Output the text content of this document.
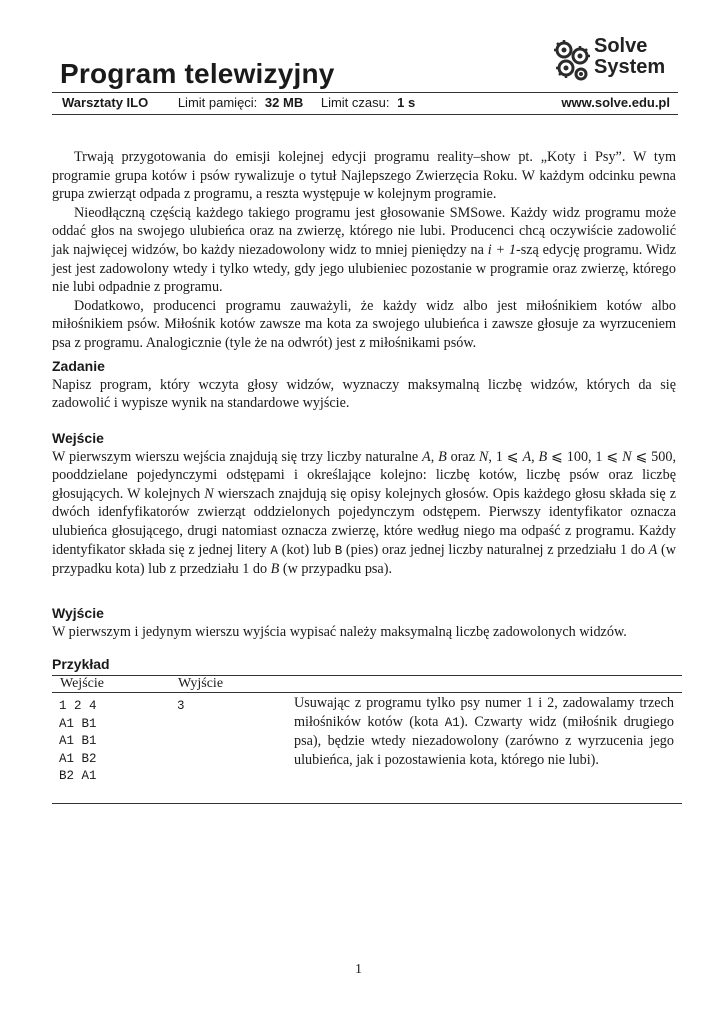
Program telewizyjny
Solve
System
Warsztaty ILO Limit pamięci: 32 MB Limit czasu: 1 s	www.solve.edu.pl

Trwają przygotowania do emisji kolejnej edycji programu reality–show pt. „Koty i Psy”. W tym programie grupa kotów i psów rywalizuje o tytuł Najlepszego Zwierzęcia Roku. W każdym odcinku pewna grupa zwierząt odpada z programu, a reszta występuje w kolejnym programie.

Nieodłączną częścią każdego takiego programu jest głosowanie SMSowe. Każdy widz programu może oddać głos na swojego ulubieńca oraz na zwierzę, którego nie lubi. Producenci chcą oczywiście zadowolić jak najwięcej widzów, bo każdy niezadowolony widz to mniej pieniędzy na i + 1-szą edycję programu. Widz jest jest zadowolony wtedy i tylko wtedy, gdy jego ulubieniec pozostanie w programie oraz zwierzę, którego nie lubi odpadnie z programu.

Dodatkowo, producenci programu zauważyli, że każdy widz albo jest miłośnikiem kotów albo miłośnikiem psów. Miłośnik kotów zawsze ma kota za swojego ulubieńca i zawsze głosuje za wyrzuceniem psa z programu. Analogicznie (tyle że na odwrót) jest z miłośnikami psów.

Zadanie

Napisz program, który wczyta głosy widzów, wyznaczy maksymalną liczbę widzów, których da się zadowolić i wypisze wynik na standardowe wyjście.

Wejście

W pierwszym wierszu wejścia znajdują się trzy liczby naturalne A, B oraz N, 1 ⩽ A, B ⩽ 100, 1 ⩽ N ⩽ 500, pooddzielane pojedynczymi odstępami i określające kolejno: liczbę kotów, liczbę psów oraz liczbę głosujących. W kolejnych N wierszach znajdują się opisy kolejnych głosów. Opis każdego głosu składa się z dwóch idenfyfikatorów zwierząt oddzielonych pojedynczym odstępem. Pierwszy identyfikator oznacza ulubieńca głosującego, drugi natomiast oznacza zwierzę, które według niego ma odpaść z programu. Każdy identyfikator składa się z jednej litery A (kot) lub B (pies) oraz jednej liczby naturalnej z przedziału 1 do A (w przypadku kota) lub z przedziału 1 do B (w przypadku psa).

Wyjście

W pierwszym i jedynym wierszu wyjścia wypisać należy maksymalną liczbę zadowolonych widzów.

Przykład
Wejście	Wyjście
1 2 4
A1 B1
A1 B1
A1 B2
B2 A1
3	Usuwając z programu tylko psy numer 1 i 2, zadowalamy trzech miłośników kotów (kota A1). Czwarty widz (miłośnik drugiego psa), będzie wtedy niezadowolony (zarówno z wyrzucenia jego ulubieńca, jak i pozostawienia kota, którego nie lubi).
1
